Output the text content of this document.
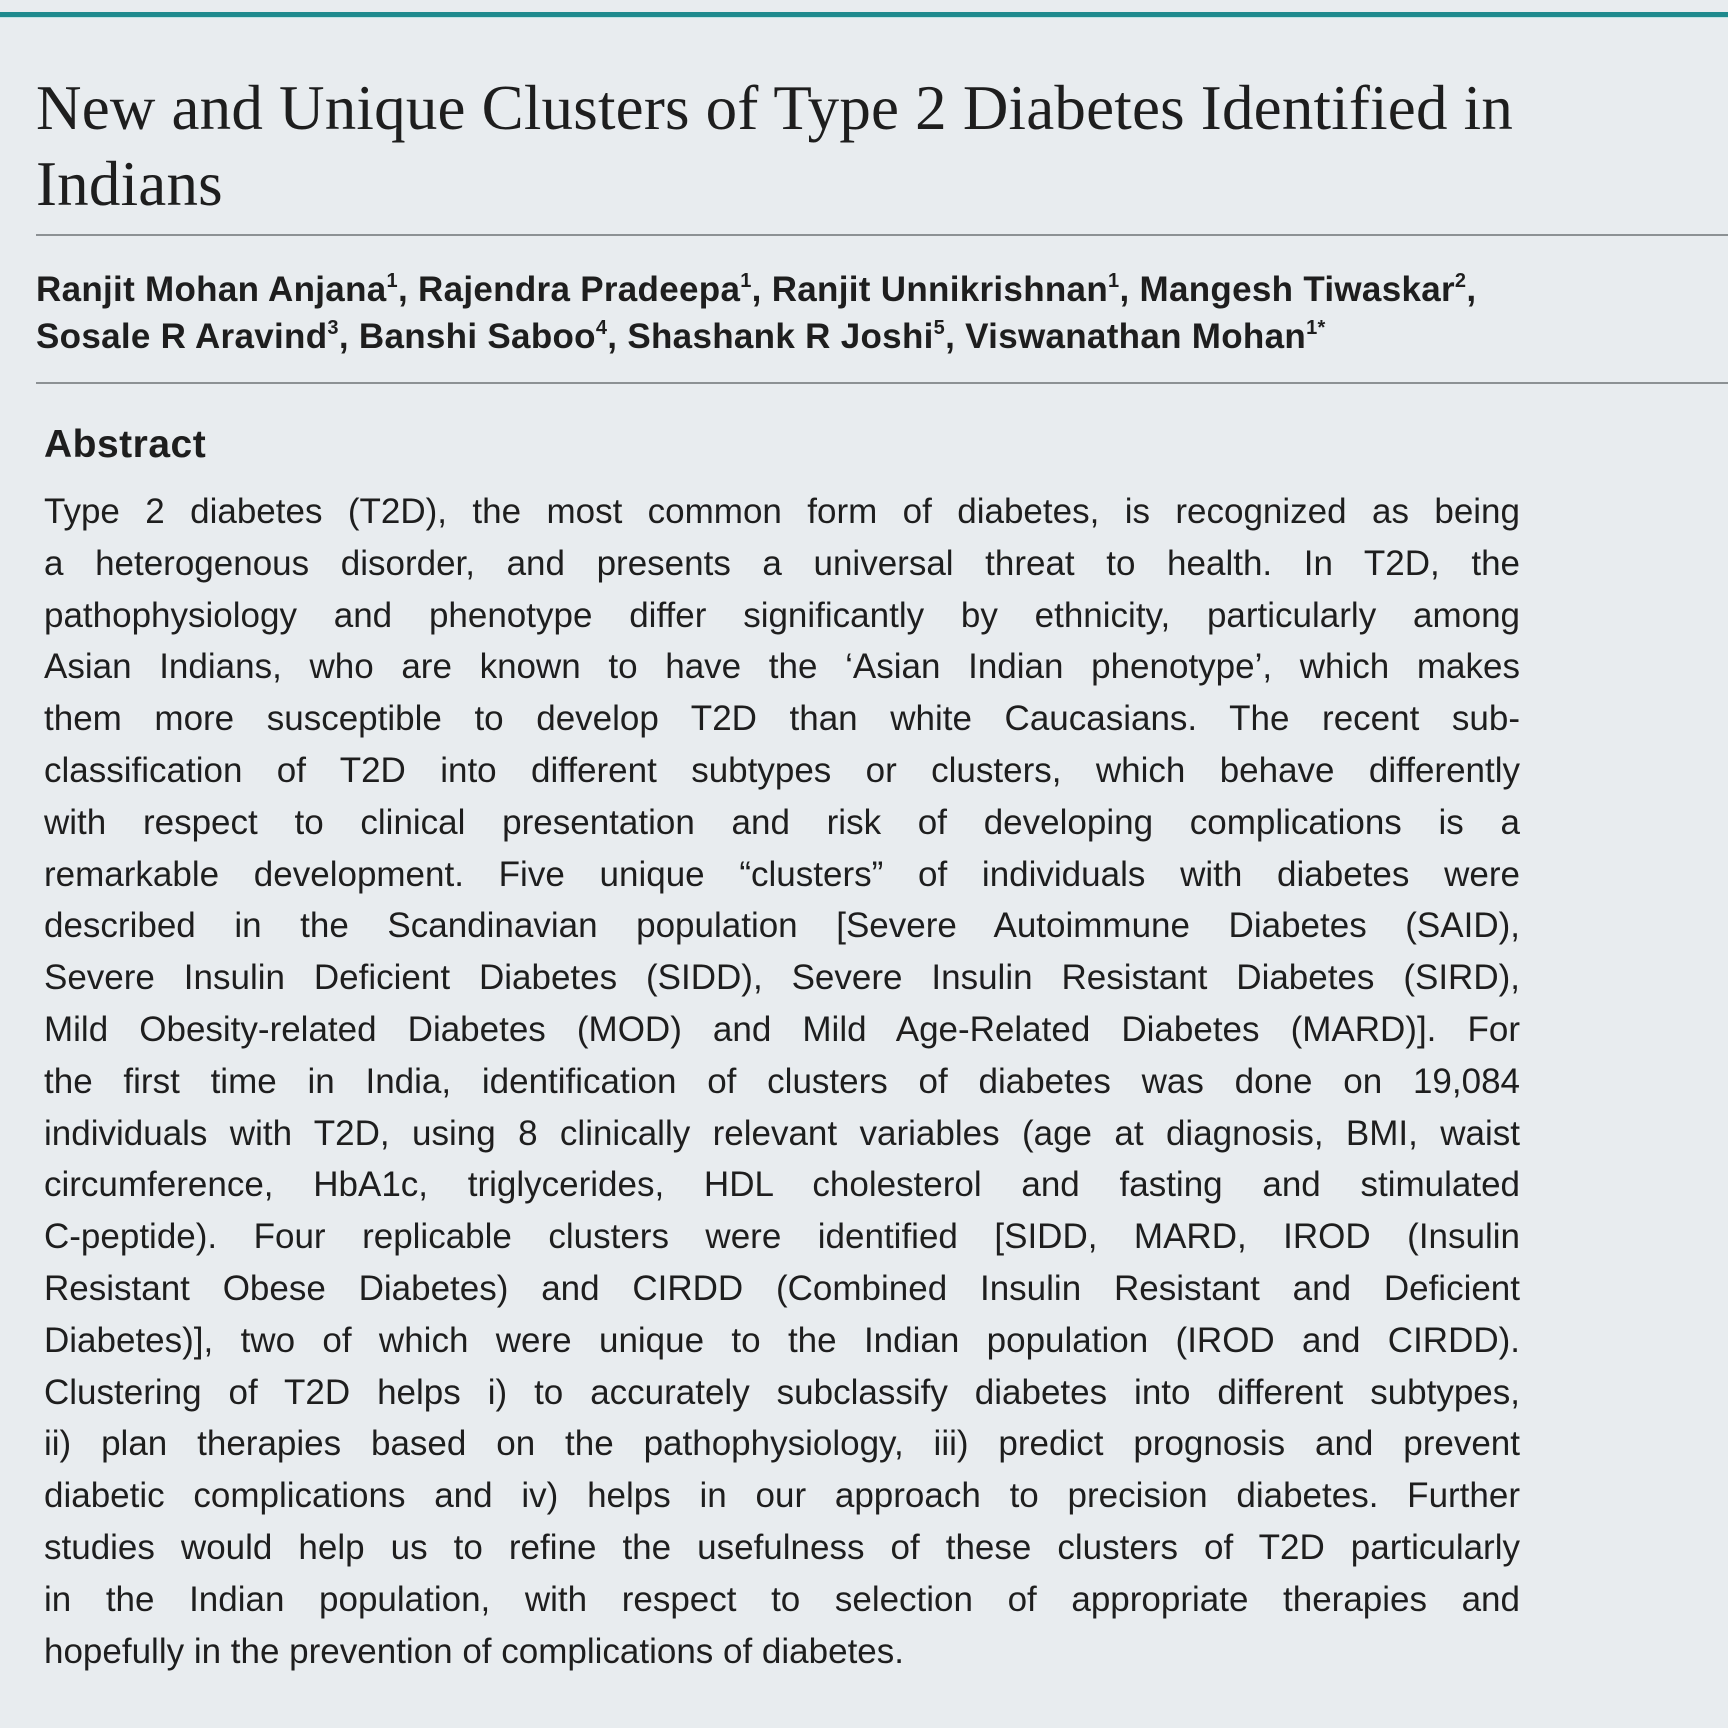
New and Unique Clusters of Type 2 Diabetes Identified in
Indians
Ranjit Mohan Anjana$^1$, Rajendra Pradeepa$^1$, Ranjit Unnikrishnan$^1$, Mangesh Tiwaskar$^2$,
Sosale R Aravind$^3$, Banshi Saboo$^4$, Shashank R Joshi$^5$, Viswanathan Mohan$^{1*}$
Abstract
Type 2 diabetes (T2D), the most common form of diabetes, is recognized as being
a heterogenous disorder, and presents a universal threat to health. In T2D, the
pathophysiology and phenotype differ significantly by ethnicity, particularly among
Asian Indians, who are known to have the ‘Asian Indian phenotype’, which makes
them more susceptible to develop T2D than white Caucasians. The recent sub-
classification of T2D into different subtypes or clusters, which behave differently
with respect to clinical presentation and risk of developing complications is a
remarkable development. Five unique “clusters” of individuals with diabetes were
described in the Scandinavian population [Severe Autoimmune Diabetes (SAID),
Severe Insulin Deficient Diabetes (SIDD), Severe Insulin Resistant Diabetes (SIRD),
Mild Obesity-related Diabetes (MOD) and Mild Age-Related Diabetes (MARD)]. For
the first time in India, identification of clusters of diabetes was done on 19,084
individuals with T2D, using 8 clinically relevant variables (age at diagnosis, BMI, waist
circumference, HbA1c, triglycerides, HDL cholesterol and fasting and stimulated
C-peptide). Four replicable clusters were identified [SIDD, MARD, IROD (Insulin
Resistant Obese Diabetes) and CIRDD (Combined Insulin Resistant and Deficient
Diabetes)], two of which were unique to the Indian population (IROD and CIRDD).
Clustering of T2D helps i) to accurately subclassify diabetes into different subtypes,
ii) plan therapies based on the pathophysiology, iii) predict prognosis and prevent
diabetic complications and iv) helps in our approach to precision diabetes. Further
studies would help us to refine the usefulness of these clusters of T2D particularly
in the Indian population, with respect to selection of appropriate therapies and
hopefully in the prevention of complications of diabetes.
